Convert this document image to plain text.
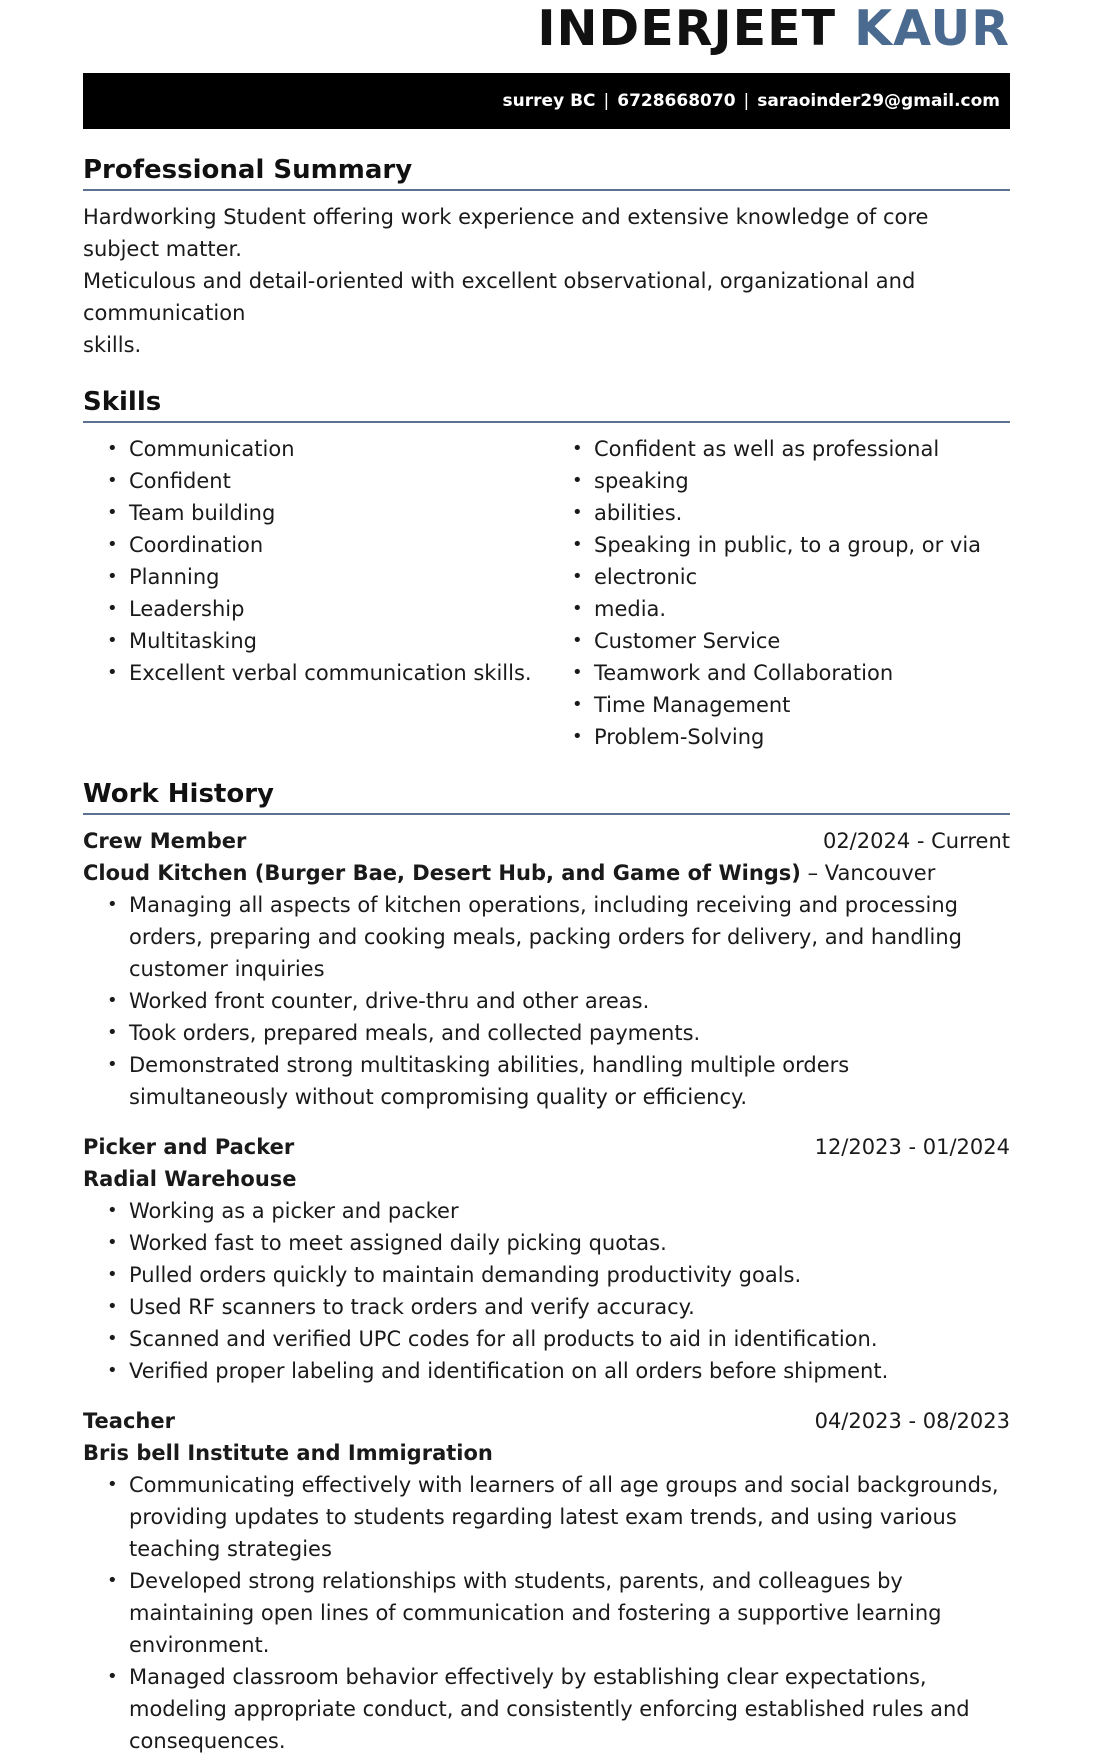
INDERJEET KAUR
surrey BC | 6728668070 | saraoinder29@gmail.com
Professional Summary
Hardworking Student offering work experience and extensive knowledge of core
subject matter.
Meticulous and detail-oriented with excellent observational, organizational and
communication
skills.
Skills
• Communication
• Confident
• Team building
• Coordination
• Planning
• Leadership
• Multitasking
• Excellent verbal communication skills.
• Confident as well as professional
• speaking
• abilities.
• Speaking in public, to a group, or via
• electronic
• media.
• Customer Service
• Teamwork and Collaboration
• Time Management
• Problem-Solving
Work History
Crew Member	02/2024 - Current
Cloud Kitchen (Burger Bae, Desert Hub, and Game of Wings) – Vancouver
• Managing all aspects of kitchen operations, including receiving and processing orders, preparing and cooking meals, packing orders for delivery, and handling customer inquiries
• Worked front counter, drive-thru and other areas.
• Took orders, prepared meals, and collected payments.
• Demonstrated strong multitasking abilities, handling multiple orders simultaneously without compromising quality or efficiency.
Picker and Packer	12/2023 - 01/2024
Radial Warehouse
• Working as a picker and packer
• Worked fast to meet assigned daily picking quotas.
• Pulled orders quickly to maintain demanding productivity goals.
• Used RF scanners to track orders and verify accuracy.
• Scanned and verified UPC codes for all products to aid in identification.
• Verified proper labeling and identification on all orders before shipment.
Teacher	04/2023 - 08/2023
Bris bell Institute and Immigration
• Communicating effectively with learners of all age groups and social backgrounds, providing updates to students regarding latest exam trends, and using various teaching strategies
• Developed strong relationships with students, parents, and colleagues by maintaining open lines of communication and fostering a supportive learning environment.
• Managed classroom behavior effectively by establishing clear expectations, modeling appropriate conduct, and consistently enforcing established rules and consequences.
